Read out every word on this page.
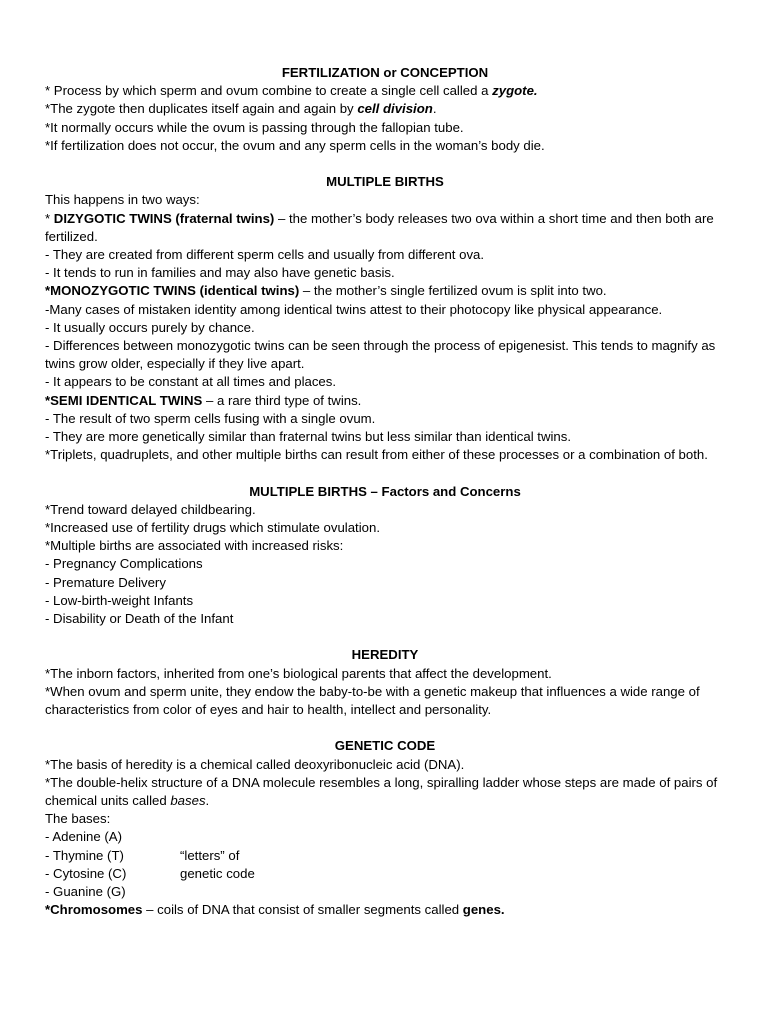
FERTILIZATION or CONCEPTION

* Process by which sperm and ovum combine to create a single cell called a zygote.

*The zygote then duplicates itself again and again by cell division.

*It normally occurs while the ovum is passing through the fallopian tube.

*If fertilization does not occur, the ovum and any sperm cells in the woman’s body die.

MULTIPLE BIRTHS

This happens in two ways:

* DIZYGOTIC TWINS (fraternal twins) – the mother’s body releases two ova within a short time and then both are fertilized.

- They are created from different sperm cells and usually from different ova.

- It tends to run in families and may also have genetic basis.

*MONOZYGOTIC TWINS (identical twins) – the mother’s single fertilized ovum is split into two.

-Many cases of mistaken identity among identical twins attest to their photocopy like physical appearance.

- It usually occurs purely by chance.

- Differences between monozygotic twins can be seen through the process of epigenesist. This tends to magnify as twins grow older, especially if they live apart.

- It appears to be constant at all times and places.

*SEMI IDENTICAL TWINS – a rare third type of twins.

- The result of two sperm cells fusing with a single ovum.

- They are more genetically similar than fraternal twins but less similar than identical twins.

*Triplets, quadruplets, and other multiple births can result from either of these processes or a combination of both.

MULTIPLE BIRTHS – Factors and Concerns

*Trend toward delayed childbearing.

*Increased use of fertility drugs which stimulate ovulation.

*Multiple births are associated with increased risks:

- Pregnancy Complications

- Premature Delivery

- Low-birth-weight Infants

- Disability or Death of the Infant

HEREDITY

*The inborn factors, inherited from one’s biological parents that affect the development.

*When ovum and sperm unite, they endow the baby-to-be with a genetic makeup that influences a wide range of characteristics from color of eyes and hair to health, intellect and personality.

GENETIC CODE

*The basis of heredity is a chemical called deoxyribonucleic acid (DNA).

*The double-helix structure of a DNA molecule resembles a long, spiralling ladder whose steps are made of pairs of chemical units called bases.

The bases:

- Adenine (A)

- Thymine (T)	“letters” of
- Cytosine (C)	genetic code

- Guanine (G)

*Chromosomes – coils of DNA that consist of smaller segments called genes.
